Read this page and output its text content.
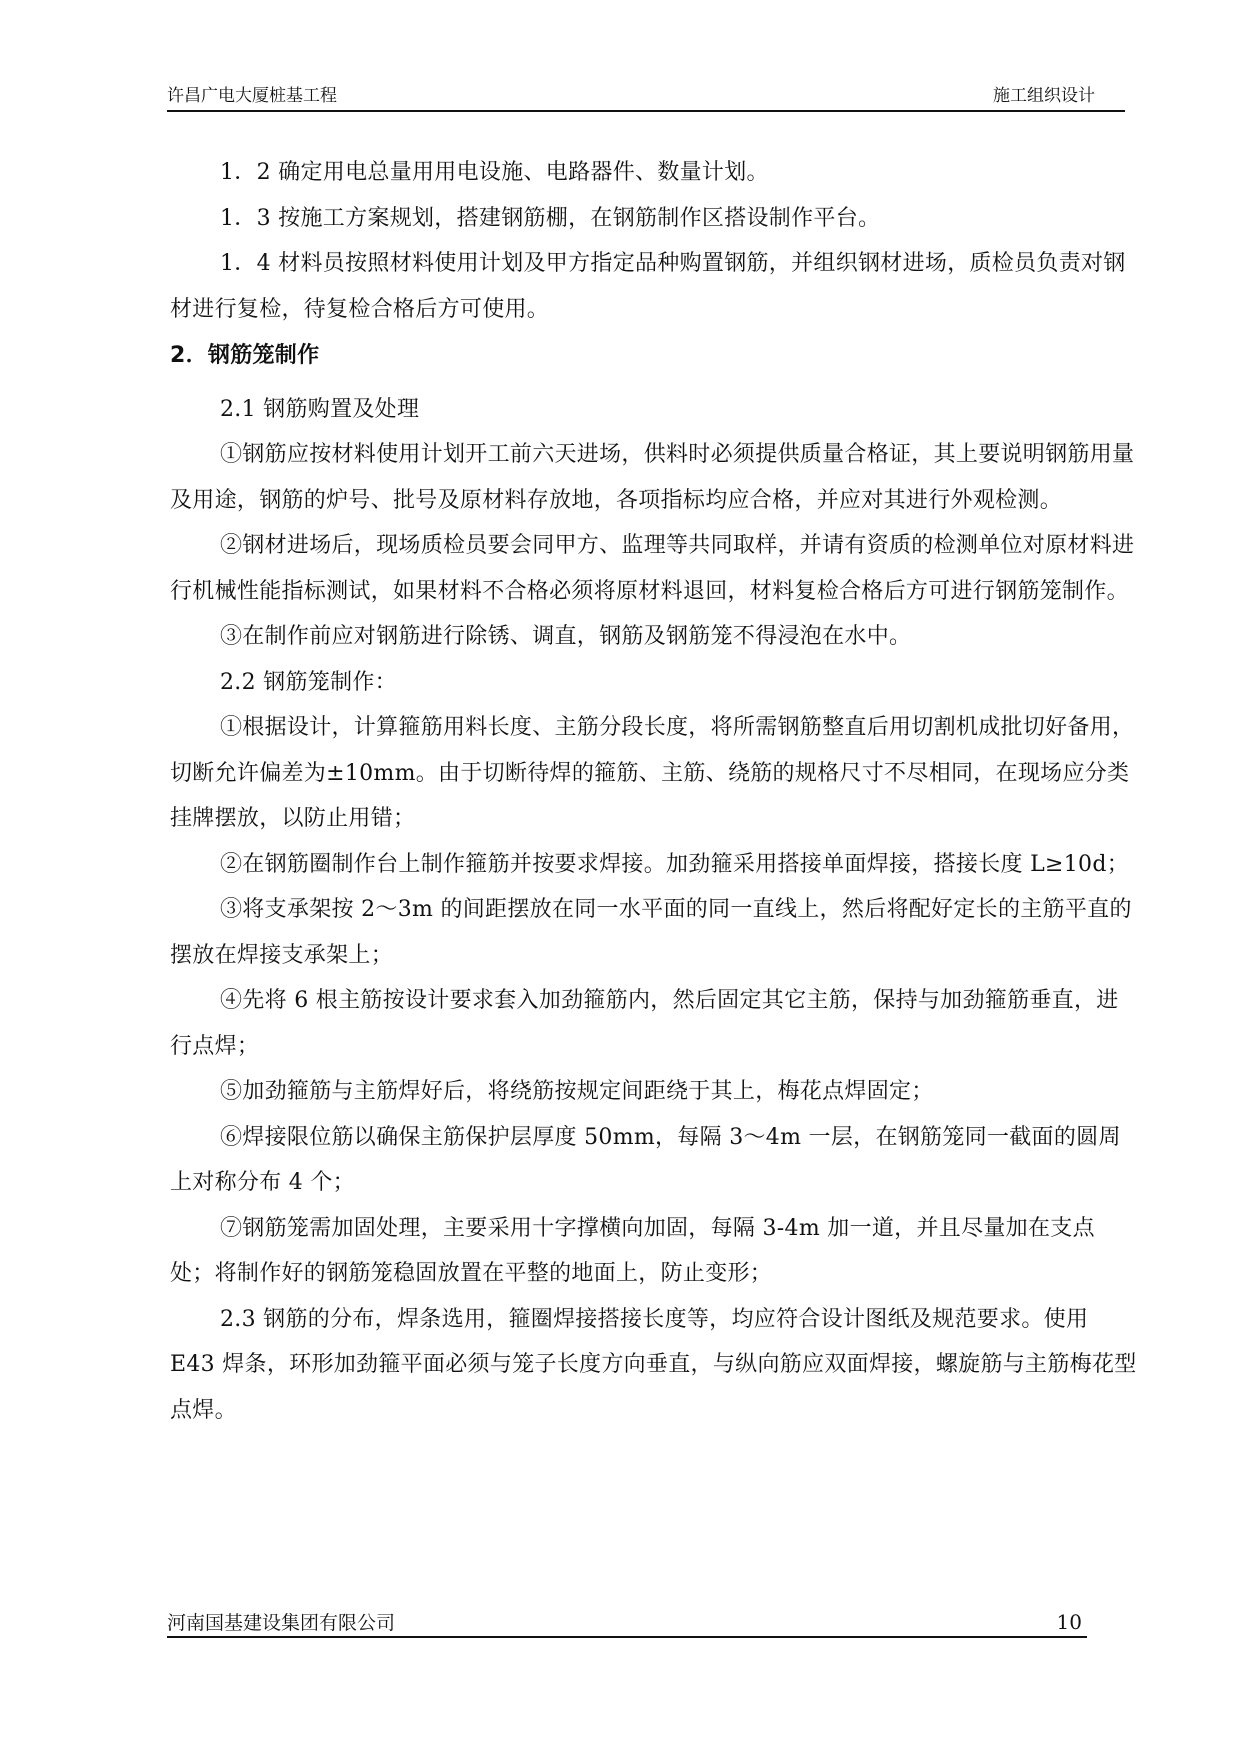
许昌广电大厦桩基工程	施工组织设计

1．2 确定用电总量用用电设施、电路器件、数量计划。

1．3 按施工方案规划，搭建钢筋棚，在钢筋制作区搭设制作平台。

1．4 材料员按照材料使用计划及甲方指定品种购置钢筋，并组织钢材进场，质检员负责对钢材进行复检，待复检合格后方可使用。

2．钢筋笼制作

2.1 钢筋购置及处理

①钢筋应按材料使用计划开工前六天进场，供料时必须提供质量合格证，其上要说明钢筋用量及用途，钢筋的炉号、批号及原材料存放地，各项指标均应合格，并应对其进行外观检测。

②钢材进场后，现场质检员要会同甲方、监理等共同取样，并请有资质的检测单位对原材料进行机械性能指标测试，如果材料不合格必须将原材料退回，材料复检合格后方可进行钢筋笼制作。

③在制作前应对钢筋进行除锈、调直，钢筋及钢筋笼不得浸泡在水中。

2.2 钢筋笼制作：

①根据设计，计算箍筋用料长度、主筋分段长度，将所需钢筋整直后用切割机成批切好备用，切断允许偏差为±10mm。由于切断待焊的箍筋、主筋、绕筋的规格尺寸不尽相同，在现场应分类挂牌摆放，以防止用错；

②在钢筋圈制作台上制作箍筋并按要求焊接。加劲箍采用搭接单面焊接，搭接长度 L≥10d；

③将支承架按 2～3m 的间距摆放在同一水平面的同一直线上，然后将配好定长的主筋平直的摆放在焊接支承架上；

④先将 6 根主筋按设计要求套入加劲箍筋内，然后固定其它主筋，保持与加劲箍筋垂直，进行点焊；

⑤加劲箍筋与主筋焊好后，将绕筋按规定间距绕于其上，梅花点焊固定；

⑥焊接限位筋以确保主筋保护层厚度 50mm，每隔 3～4m 一层，在钢筋笼同一截面的圆周上对称分布 4 个；

⑦钢筋笼需加固处理，主要采用十字撑横向加固，每隔 3-4m 加一道，并且尽量加在支点处；将制作好的钢筋笼稳固放置在平整的地面上，防止变形；

2.3 钢筋的分布，焊条选用，箍圈焊接搭接长度等，均应符合设计图纸及规范要求。使用 E43 焊条，环形加劲箍平面必须与笼子长度方向垂直，与纵向筋应双面焊接，螺旋筋与主筋梅花型点焊。

河南国基建设集团有限公司	10
